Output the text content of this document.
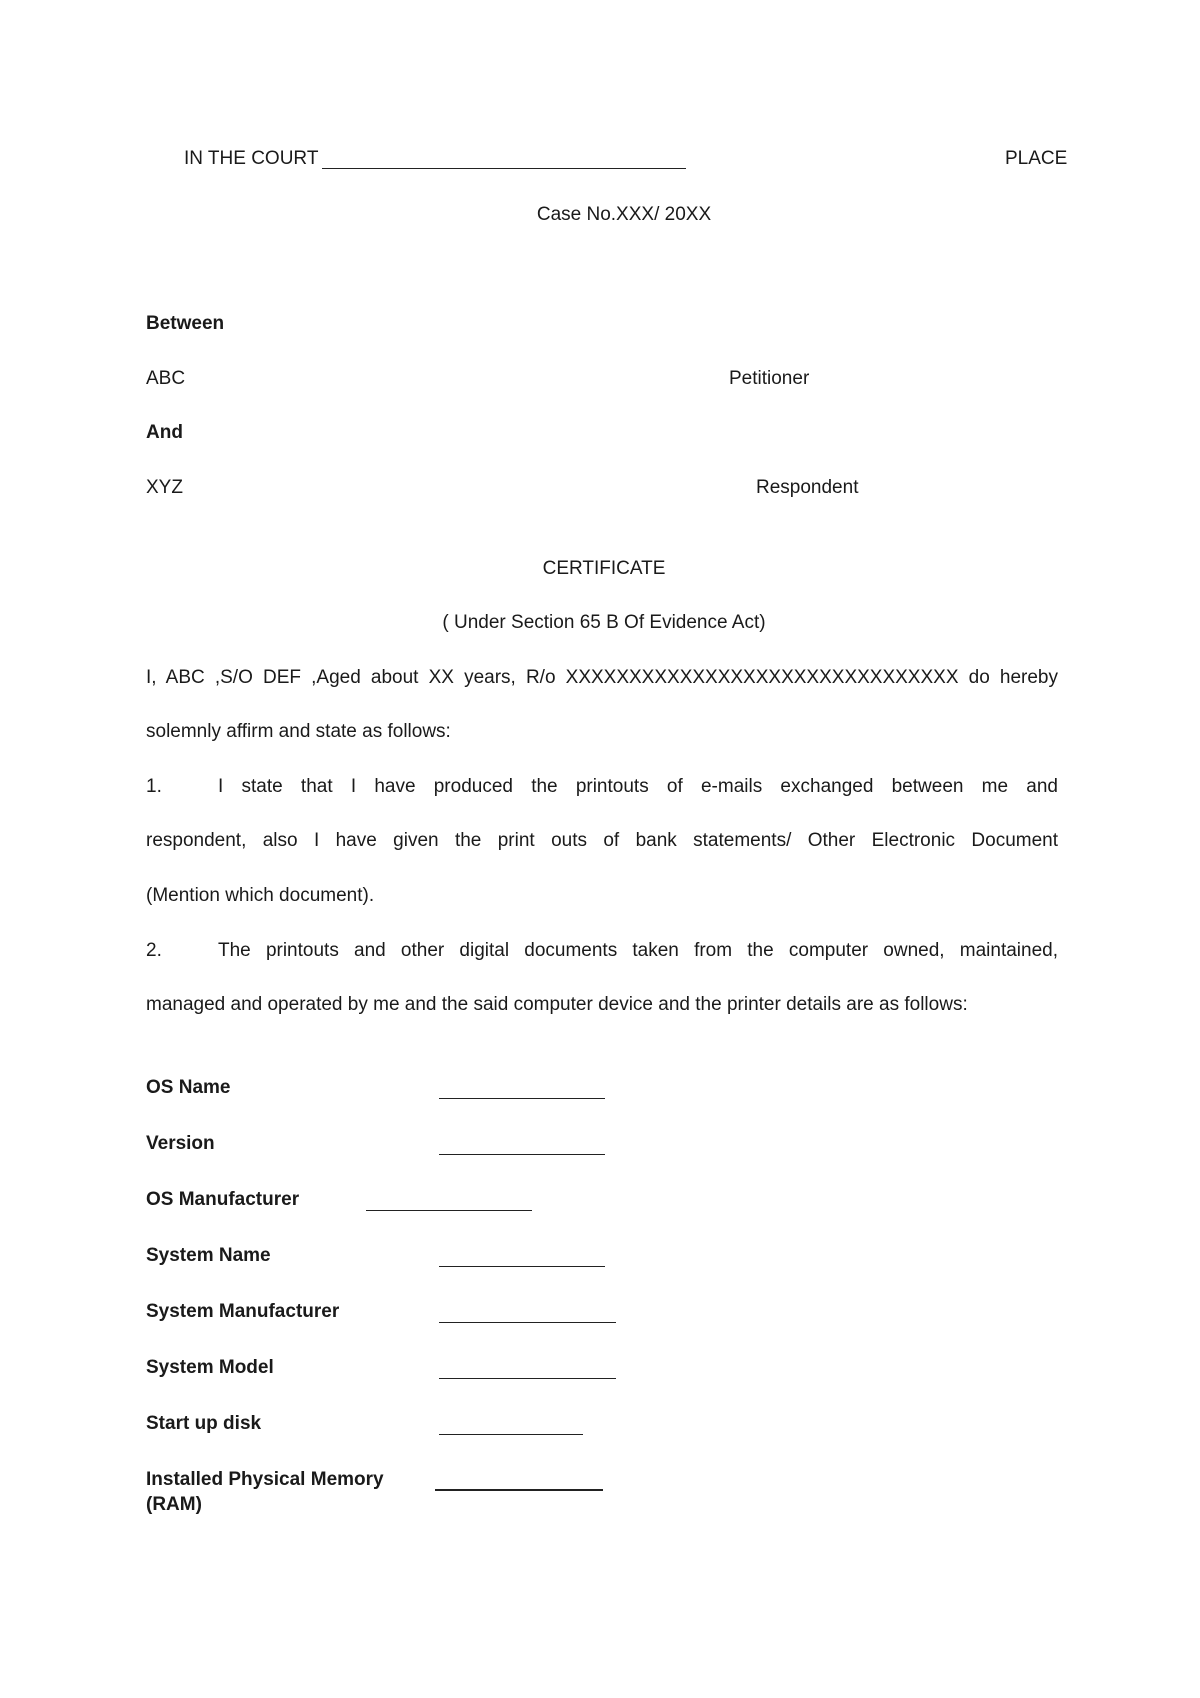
IN THE COURT	PLACE
Case No.XXX/ 20XX
Between
ABC	Petitioner
And
XYZ	Respondent
CERTIFICATE
( Under Section 65 B Of Evidence Act)
I, ABC ,S/O DEF ,Aged about XX years, R/o XXXXXXXXXXXXXXXXXXXXXXXXXXXXXXX do hereby
solemnly affirm and state as follows:
1.	I state that I have produced the printouts of e-mails exchanged between me and
respondent, also I have given the print outs of bank statements/ Other Electronic Document
(Mention which document).
2.	The printouts and other digital documents taken from the computer owned, maintained,
managed and operated by me and the said computer device and the printer details are as follows:
OS Name
Version
OS Manufacturer
System Name
System Manufacturer
System Model
Start up disk
Installed Physical Memory
(RAM)
